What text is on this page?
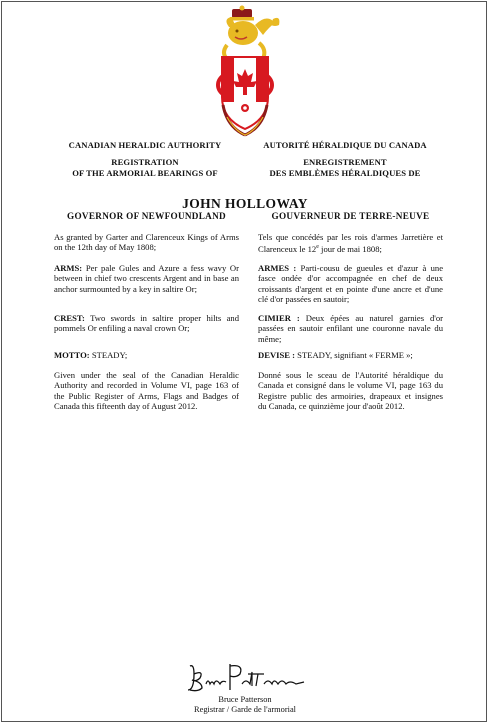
CANADIAN HERALDIC AUTHORITY
REGISTRATION
OF THE ARMORIAL BEARINGS OF
AUTORITÉ HÉRALDIQUE DU CANADA
ENREGISTREMENT
DES EMBLÈMES HÉRALDIQUES DE
JOHN HOLLOWAY
GOVERNOR OF NEWFOUNDLAND
As granted by Garter and Clarenceux Kings of Arms on the 12th day of May 1808;
ARMS: Per pale Gules and Azure a fess wavy Or between in chief two crescents Argent and in base an anchor surmounted by a key in saltire Or;
CREST: Two swords in saltire proper hilts and pommels Or enfiling a naval crown Or;
MOTTO: STEADY;
Given under the seal of the Canadian Heraldic Authority and recorded in Volume VI, page 163 of the Public Register of Arms, Flags and Badges of Canada this fifteenth day of August 2012.
GOUVERNEUR DE TERRE-NEUVE
Tels que concédés par les rois d'armes Jarretière et Clarenceux le 12e jour de mai 1808;
ARMES : Parti-cousu de gueules et d'azur à une fasce ondée d'or accompagnée en chef de deux croissants d'argent et en pointe d'une ancre et d'une clé d'or passées en sautoir;
CIMIER : Deux épées au naturel garnies d'or passées en sautoir enfilant une couronne navale du même;
DEVISE : STEADY, signifiant « FERME »;
Donné sous le sceau de l'Autorité héraldique du Canada et consigné dans le volume VI, page 163 du Registre public des armoiries, drapeaux et insignes du Canada, ce quinzième jour d'août 2012.
Bruce Patterson
Registrar / Garde de l'armorial
